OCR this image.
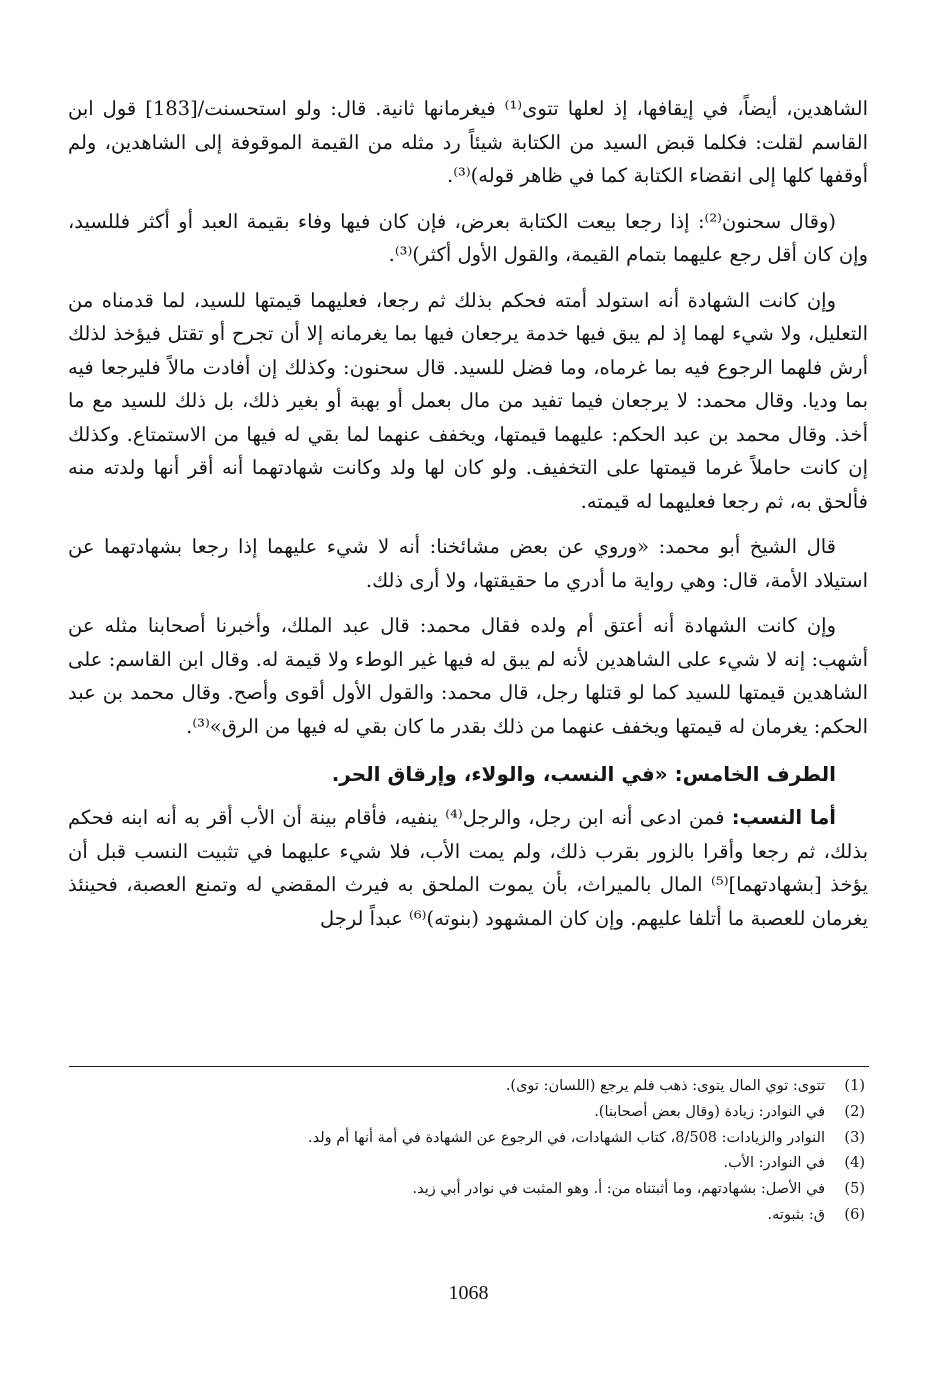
الشاهدين، أيضاً، في إيقافها، إذ لعلها تتوى⁽¹⁾ فيغرمانها ثانية. قال: ولو استحسنت/[183] قول ابن القاسم لقلت: فكلما قبض السيد من الكتابة شيئاً رد مثله من القيمة الموقوفة إلى الشاهدين، ولم أوقفها كلها إلى انقضاء الكتابة كما في ظاهر قوله)⁽³⁾.

(وقال سحنون⁽²⁾: إذا رجعا بيعت الكتابة بعرض، فإن كان فيها وفاء بقيمة العبد أو أكثر فللسيد، وإن كان أقل رجع عليهما بتمام القيمة، والقول الأول أكثر)⁽³⁾.

وإن كانت الشهادة أنه استولد أمته فحكم بذلك ثم رجعا، فعليهما قيمتها للسيد، لما قدمناه من التعليل، ولا شيء لهما إذ لم يبق فيها خدمة يرجعان فيها بما يغرمانه إلا أن تجرح أو تقتل فيؤخذ لذلك أرش فلهما الرجوع فيه بما غرماه، وما فضل للسيد. قال سحنون: وكذلك إن أفادت مالاً فليرجعا فيه بما وديا. وقال محمد: لا يرجعان فيما تفيد من مال بعمل أو بهبة أو بغير ذلك، بل ذلك للسيد مع ما أخذ. وقال محمد بن عبد الحكم: عليهما قيمتها، ويخفف عنهما لما بقي له فيها من الاستمتاع. وكذلك إن كانت حاملاً غرما قيمتها على التخفيف. ولو كان لها ولد وكانت شهادتهما أنه أقر أنها ولدته منه فألحق به، ثم رجعا فعليهما له قيمته.

قال الشيخ أبو محمد: «وروي عن بعض مشائخنا: أنه لا شيء عليهما إذا رجعا بشهادتهما عن استيلاد الأمة، قال: وهي رواية ما أدري ما حقيقتها، ولا أرى ذلك.

وإن كانت الشهادة أنه أعتق أم ولده فقال محمد: قال عبد الملك، وأخبرنا أصحابنا مثله عن أشهب: إنه لا شيء على الشاهدين لأنه لم يبق له فيها غير الوطء ولا قيمة له. وقال ابن القاسم: على الشاهدين قيمتها للسيد كما لو قتلها رجل، قال محمد: والقول الأول أقوى وأصح. وقال محمد بن عبد الحكم: يغرمان له قيمتها ويخفف عنهما من ذلك بقدر ما كان بقي له فيها من الرق»⁽³⁾.

الطرف الخامس: «في النسب، والولاء، وإرقاق الحر.

أما النسب: فمن ادعى أنه ابن رجل، والرجل⁽⁴⁾ ينفيه، فأقام بينة أن الأب أقر به أنه ابنه فحكم بذلك، ثم رجعا وأقرا بالزور بقرب ذلك، ولم يمت الأب، فلا شيء عليهما في تثبيت النسب قبل أن يؤخذ [بشهادتهما]⁽⁵⁾ المال بالميراث، بأن يموت الملحق به فيرث المقضي له وتمنع العصبة، فحينئذ يغرمان للعصبة ما أتلفا عليهم. وإن كان المشهود (بنوته)⁽⁶⁾ عبداً لرجل

(1)
تتوى: توي المال يتوى: ذهب فلم يرجع (اللسان: توى).
(2)
في النوادر: زيادة (وقال بعض أصحابنا).
(3)
النوادر والزيادات: 8/508، كتاب الشهادات، في الرجوع عن الشهادة في أمة أنها أم ولد.
(4)
في النوادر: الأب.
(5)
في الأصل: بشهادتهم، وما أثبتناه من: أ. وهو المثبت في نوادر أبي زيد.
(6)
ق: بثبوته.
1068
